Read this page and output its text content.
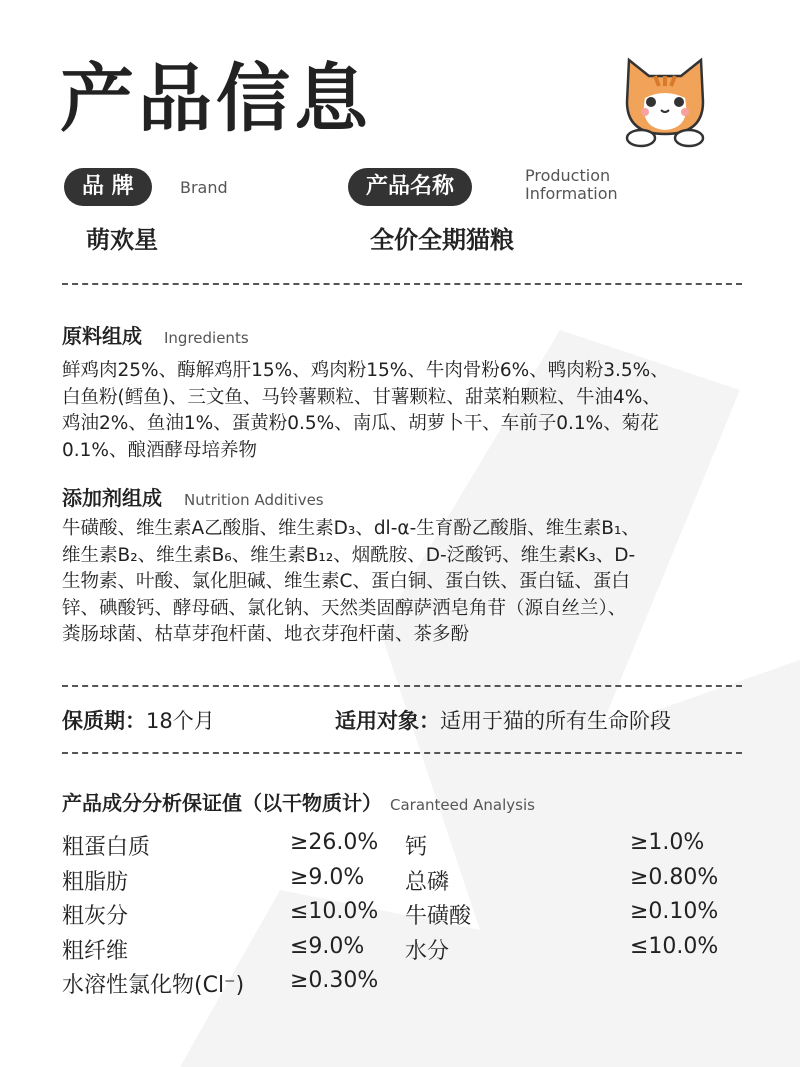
产品信息
品 牌	Brand
萌欢星
产品名称	Production
Information
全价全期猫粮
原料组成 Ingredients
鲜鸡肉25%、酶解鸡肝15%、鸡肉粉15%、牛肉骨粉6%、鸭肉粉3.5%、
白鱼粉(鳕鱼)、三文鱼、马铃薯颗粒、甘薯颗粒、甜菜粕颗粒、牛油4%、
鸡油2%、鱼油1%、蛋黄粉0.5%、南瓜、胡萝卜干、车前子0.1%、菊花
0.1%、酿酒酵母培养物
添加剂组成 Nutrition Additives
牛磺酸、维生素A乙酸脂、维生素D₃、dl-α-生育酚乙酸脂、维生素B₁、
维生素B₂、维生素B₆、维生素B₁₂、烟酰胺、D-泛酸钙、维生素K₃、D-
生物素、叶酸、氯化胆碱、维生素C、蛋白铜、蛋白铁、蛋白锰、蛋白
锌、碘酸钙、酵母硒、氯化钠、天然类固醇萨洒皂角苷（源自丝兰）、
粪肠球菌、枯草芽孢杆菌、地衣芽孢杆菌、茶多酚
保质期：18个月	适用对象：适用于猫的所有生命阶段
产品成分分析保证值（以干物质计） Caranteed Analysis
粗蛋白质	≥26.0% 钙	≥1.0%
粗脂肪	≥9.0% 总磷	≥0.80%
粗灰分	≤10.0% 牛磺酸	≥0.10%
粗纤维	≤9.0% 水分	≤10.0%
水溶性氯化物(Cl⁻) ≥0.30%
